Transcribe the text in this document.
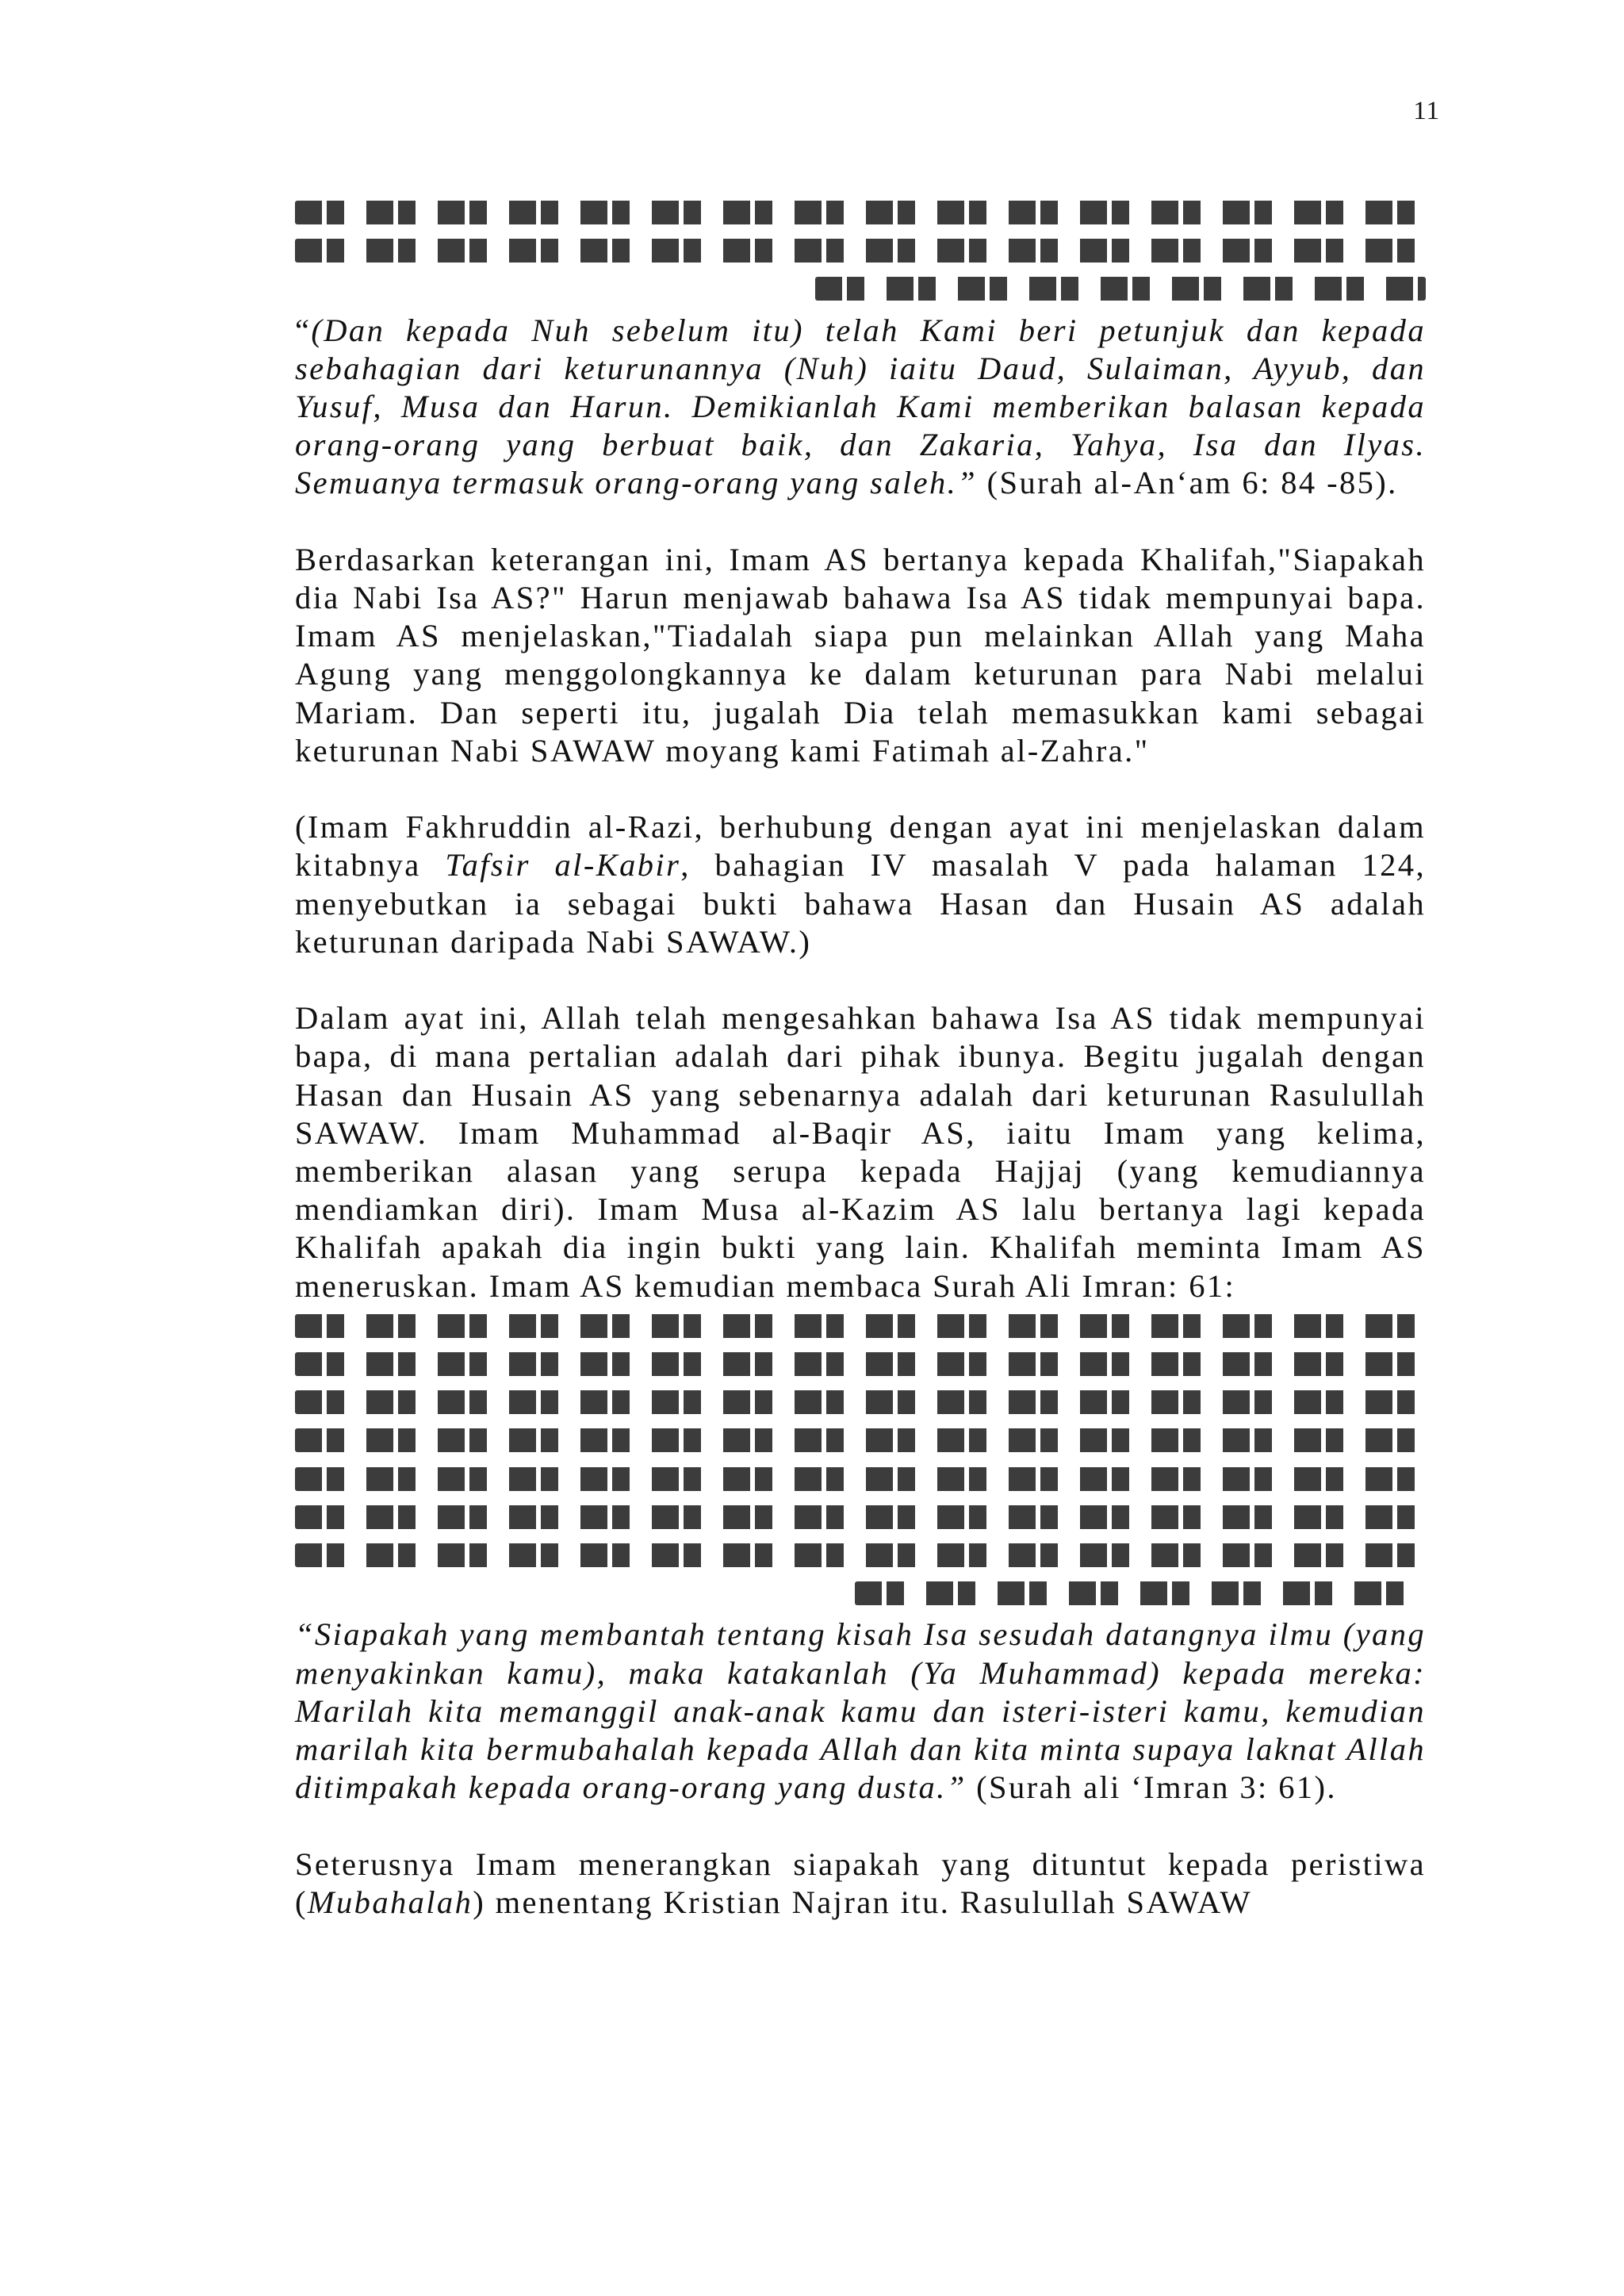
11

“(Dan kepada Nuh sebelum itu) telah Kami beri petunjuk dan kepada sebahagian dari keturunannya (Nuh) iaitu Daud, Sulaiman, Ayyub, dan Yusuf, Musa dan Harun. Demikianlah Kami memberikan balasan kepada orang-orang yang berbuat baik, dan Zakaria, Yahya, Isa dan Ilyas. Semuanya termasuk orang-orang yang saleh.” (Surah al-An‘am 6: 84 -85).

Berdasarkan keterangan ini, Imam AS bertanya kepada Khalifah,"Siapakah dia Nabi Isa AS?" Harun menjawab bahawa Isa AS tidak mempunyai bapa. Imam AS menjelaskan,"Tiadalah siapa pun melainkan Allah yang Maha Agung yang menggolongkannya ke dalam keturunan para Nabi melalui Mariam. Dan seperti itu, jugalah Dia telah memasukkan kami sebagai keturunan Nabi SAWAW moyang kami Fatimah al-Zahra."

(Imam Fakhruddin al-Razi, berhubung dengan ayat ini menjelaskan dalam kitabnya Tafsir al-Kabir, bahagian IV masalah V pada halaman 124, menyebutkan ia sebagai bukti bahawa Hasan dan Husain AS adalah keturunan daripada Nabi SAWAW.)

Dalam ayat ini, Allah telah mengesahkan bahawa Isa AS tidak mempunyai bapa, di mana pertalian adalah dari pihak ibunya. Begitu jugalah dengan Hasan dan Husain AS yang sebenarnya adalah dari keturunan Rasulullah SAWAW. Imam Muhammad al-Baqir AS, iaitu Imam yang kelima, memberikan alasan yang serupa kepada Hajjaj (yang kemudiannya mendiamkan diri). Imam Musa al-Kazim AS lalu bertanya lagi kepada Khalifah apakah dia ingin bukti yang lain. Khalifah meminta Imam AS meneruskan. Imam AS kemudian membaca Surah Ali Imran: 61:

“Siapakah yang membantah tentang kisah Isa sesudah datangnya ilmu (yang menyakinkan kamu), maka katakanlah (Ya Muhammad) kepada mereka: Marilah kita memanggil anak-anak kamu dan isteri-isteri kamu, kemudian marilah kita bermubahalah kepada Allah dan kita minta supaya laknat Allah ditimpakah kepada orang-orang yang dusta.” (Surah ali ‘Imran 3: 61).

Seterusnya Imam menerangkan siapakah yang dituntut kepada peristiwa (Mubahalah) menentang Kristian Najran itu. Rasulullah SAWAW
